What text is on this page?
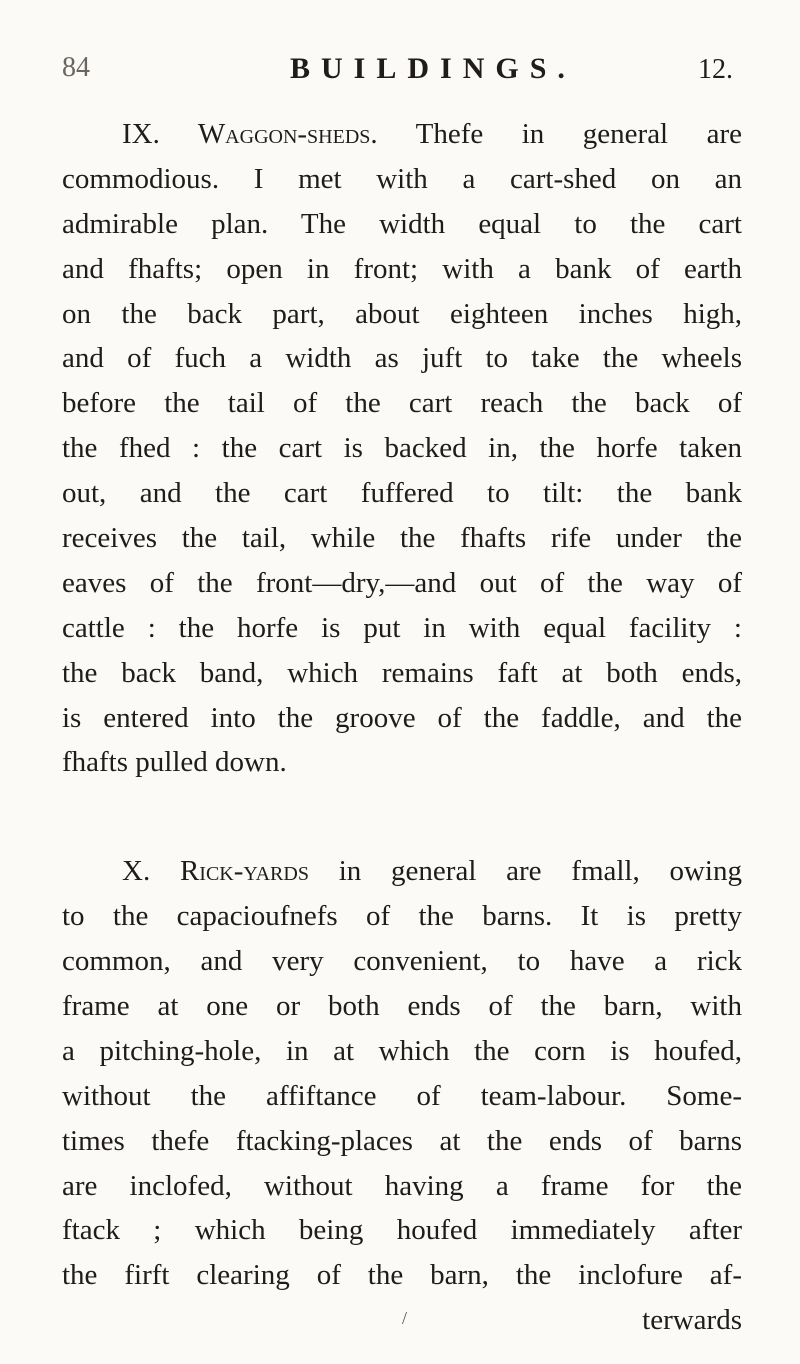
84	BUILDINGS.	12.
IX. Waggon-sheds. Thefe in general are
commodious. I met with a cart-shed on an
admirable plan. The width equal to the cart
and fhafts; open in front; with a bank of earth
on the back part, about eighteen inches high,
and of fuch a width as juft to take the wheels
before the tail of the cart reach the back of
the fhed : the cart is backed in, the horfe taken
out, and the cart fuffered to tilt: the bank
receives the tail, while the fhafts rife under the
eaves of the front—dry,—and out of the way of
cattle : the horfe is put in with equal facility :
the back band, which remains faft at both ends,
is entered into the groove of the faddle, and the
fhafts pulled down.
X. Rick-yards in general are fmall, owing
to the capacioufnefs of the barns. It is pretty
common, and very convenient, to have a rick
frame at one or both ends of the barn, with
a pitching-hole, in at which the corn is houfed,
without the affiftance of team-labour. Some-
times thefe ftacking-places at the ends of barns
are inclofed, without having a frame for the
ftack ; which being houfed immediately after
the firft clearing of the barn, the inclofure af-
terwards
/
